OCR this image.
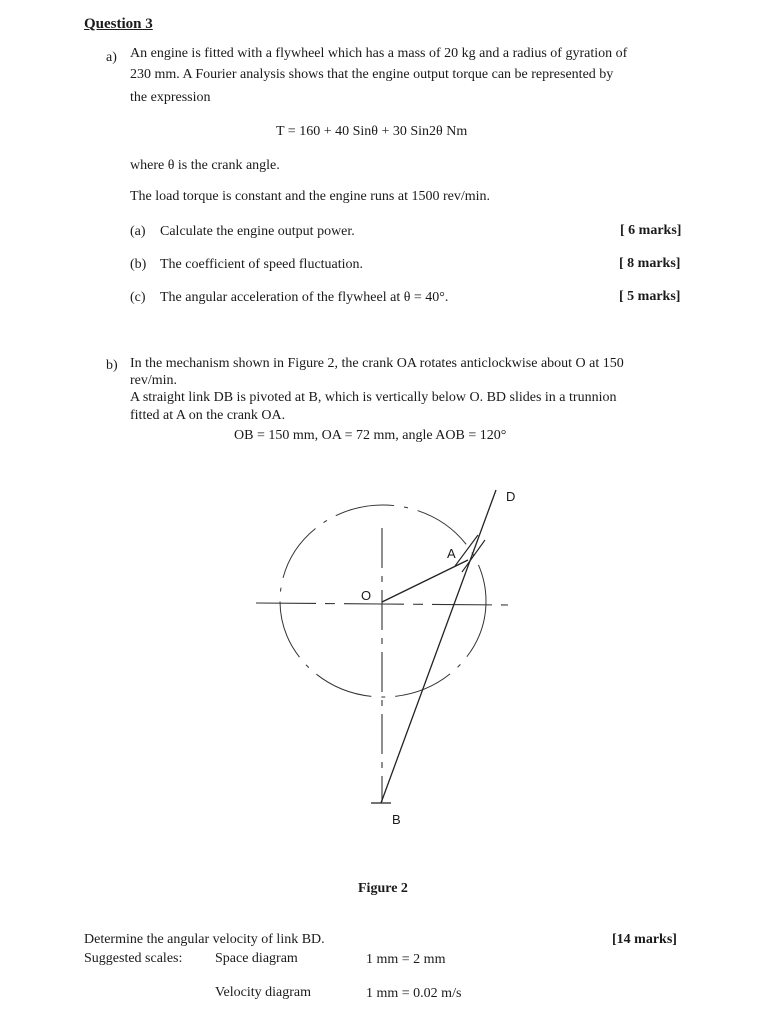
Question 3
a) An engine is fitted with a flywheel which has a mass of 20 kg and a radius of gyration of
230 mm. A Fourier analysis shows that the engine output torque can be represented by
the expression
T = 160 + 40 Sinθ + 30 Sin2θ Nm
where θ is the crank angle.
The load torque is constant and the engine runs at 1500 rev/min.
(a) Calculate the engine output power.	[ 6 marks]
(b) The coefficient of speed fluctuation.	[ 8 marks]
(c) The angular acceleration of the flywheel at θ = 40°.	[ 5 marks]
b) In the mechanism shown in Figure 2, the crank OA rotates anticlockwise about O at 150
rev/min.
A straight link DB is pivoted at B, which is vertically below O. BD slides in a trunnion
fitted at A on the crank OA.
OB = 150 mm, OA = 72 mm, angle AOB = 120°
D
A
O
B
Figure 2
Determine the angular velocity of link BD.	[14 marks]
Suggested scales: Space diagram	1 mm = 2 mm
Velocity diagram	1 mm = 0.02 m/s
